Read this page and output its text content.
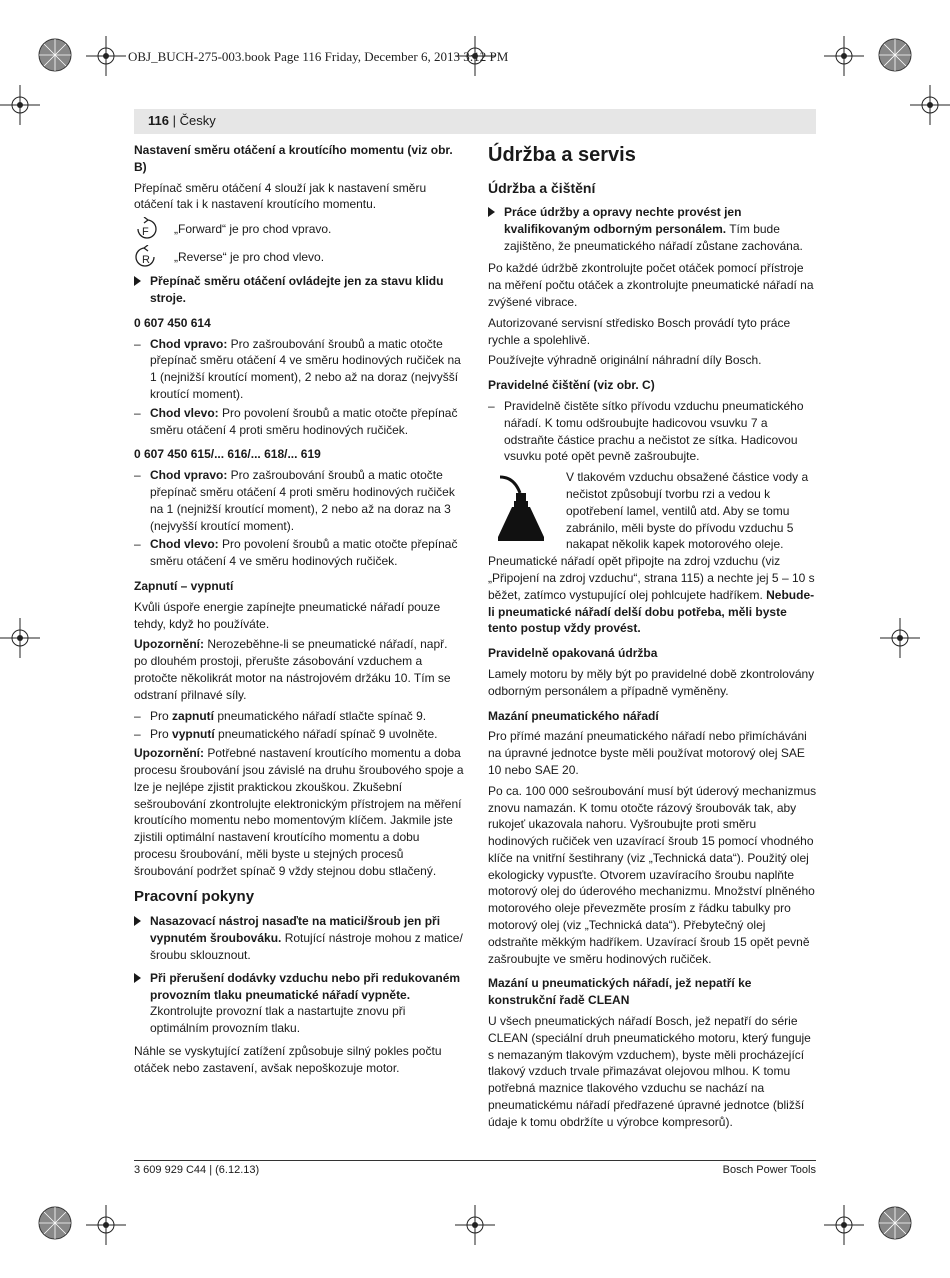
OBJ_BUCH-275-003.book Page 116 Friday, December 6, 2013 3:12 PM
116 | Česky

Nastavení směru otáčení a kroutícího momentu (viz obr. B)

Přepínač směru otáčení 4 slouží jak k nastavení směru otáčení tak i k nastavení kroutícího momentu.

F „Forward“ je pro chod vpravo.
R „Reverse“ je pro chod vlevo.
Přepínač směru otáčení ovládejte jen za stavu klidu stroje.

0 607 450 614

– Chod vpravo: Pro zašroubování šroubů a matic otočte přepínač směru otáčení 4 ve směru hodinových ručiček na 1 (nejnižší kroutící moment), 2 nebo až na doraz (nejvyšší kroutící moment).
– Chod vlevo: Pro povolení šroubů a matic otočte přepínač směru otáčení 4 proti směru hodinových ručiček.

0 607 450 615/... 616/... 618/... 619

– Chod vpravo: Pro zašroubování šroubů a matic otočte přepínač směru otáčení 4 proti směru hodinových ručiček na 1 (nejnižší kroutící moment), 2 nebo až na doraz na 3 (nejvyšší kroutící moment).
– Chod vlevo: Pro povolení šroubů a matic otočte přepínač směru otáčení 4 ve směru hodinových ručiček.

Zapnutí – vypnutí

Kvůli úspoře energie zapínejte pneumatické nářadí pouze tehdy, když ho používáte.

Upozornění: Nerozeběhne-li se pneumatické nářadí, např. po dlouhém prostoji, přerušte zásobování vzduchem a protočte několikrát motor na nástrojovém držáku 10. Tím se odstraní přilnavé síly.

– Pro zapnutí pneumatického nářadí stlačte spínač 9.
– Pro vypnutí pneumatického nářadí spínač 9 uvolněte.

Upozornění: Potřebné nastavení kroutícího momentu a doba procesu šroubování jsou závislé na druhu šroubového spoje a lze je nejlépe zjistit praktickou zkouškou. Zkušební sešroubování zkontrolujte elektronickým přístrojem na měření kroutícího momentu nebo momentovým klíčem. Jakmile jste zjistili optimální nastavení kroutícího momentu a dobu procesu šroubování, měli byste u stejných procesů šroubování podržet spínač 9 vždy stejnou dobu stlačený.

Pracovní pokyny

Nasazovací nástroj nasaďte na matici/šroub jen při vypnutém šroubováku. Rotující nástroje mohou z matice/šroubu sklouznout.
Při přerušení dodávky vzduchu nebo při redukovaném provozním tlaku pneumatické nářadí vypněte. Zkontrolujte provozní tlak a nastartujte znovu při optimálním provozním tlaku.

Náhle se vyskytující zatížení způsobuje silný pokles počtu otáček nebo zastavení, avšak nepoškozuje motor.

Údržba a servis

Údržba a čištění

Práce údržby a opravy nechte provést jen kvalifikovaným odborným personálem. Tím bude zajištěno, že pneumatického nářadí zůstane zachována.

Po každé údržbě zkontrolujte počet otáček pomocí přístroje na měření počtu otáček a zkontrolujte pneumatické nářadí na zvýšené vibrace.

Autorizované servisní středisko Bosch provádí tyto práce rychle a spolehlivě.

Používejte výhradně originální náhradní díly Bosch.

Pravidelné čištění (viz obr. C)

– Pravidelně čistěte sítko přívodu vzduchu pneumatického nářadí. K tomu odšroubujte hadicovou vsuvku 7 a odstraňte částice prachu a nečistot ze sítka. Hadicovou vsuvku poté opět pevně zašroubujte.

V tlakovém vzduchu obsažené částice vody a nečistot způsobují tvorbu rzi a vedou k opotřebení lamel, ventilů atd. Aby se tomu zabránilo, měli byste do přívodu vzduchu 5 nakapat několik kapek motorového oleje. Pneumatické nářadí opět připojte na zdroj vzduchu (viz „Připojení na zdroj vzduchu“, strana 115) a nechte jej 5 – 10 s běžet, zatímco vystupující olej pohlcujete hadříkem. Nebude-li pneumatické nářadí delší dobu potřeba, měli byste tento postup vždy provést.

Pravidelně opakovaná údržba

Lamely motoru by měly být po pravidelné době zkontrolovány odborným personálem a případně vyměněny.

Mazání pneumatického nářadí

Pro přímé mazání pneumatického nářadí nebo přimícháváni na úpravné jednotce byste měli používat motorový olej SAE 10 nebo SAE 20.

Po ca. 100 000 sešroubování musí být úderový mechanizmus znovu namazán. K tomu otočte rázový šroubovák tak, aby rukojeť ukazovala nahoru. Vyšroubujte proti směru hodinových ručiček ven uzavírací šroub 15 pomocí vhodného klíče na vnitřní šestihrany (viz „Technická data“). Použitý olej ekologicky vypusťte. Otvorem uzavíracího šroubu naplňte motorový olej do úderového mechanizmu. Množství plněného motorového oleje převezměte prosím z řádku tabulky pro motorový olej (viz „Technická data“). Přebytečný olej odstraňte měkkým hadříkem. Uzavírací šroub 15 opět pevně zašroubujte ve směru hodinových ručiček.

Mazání u pneumatických nářadí, jež nepatří ke konstrukční řadě CLEAN

U všech pneumatických nářadí Bosch, jež nepatří do série CLEAN (speciální druh pneumatického motoru, který funguje s nemazaným tlakovým vzduchem), byste měli procházející tlakový vzduch trvale přimazávat olejovou mlhou. K tomu potřebná maznice tlakového vzduchu se nachází na pneumatickému nářadí předřazené úpravné jednotce (bližší údaje k tomu obdržíte u výrobce kompresorů).

3 609 929 C44 | (6.12.13)	Bosch Power Tools
